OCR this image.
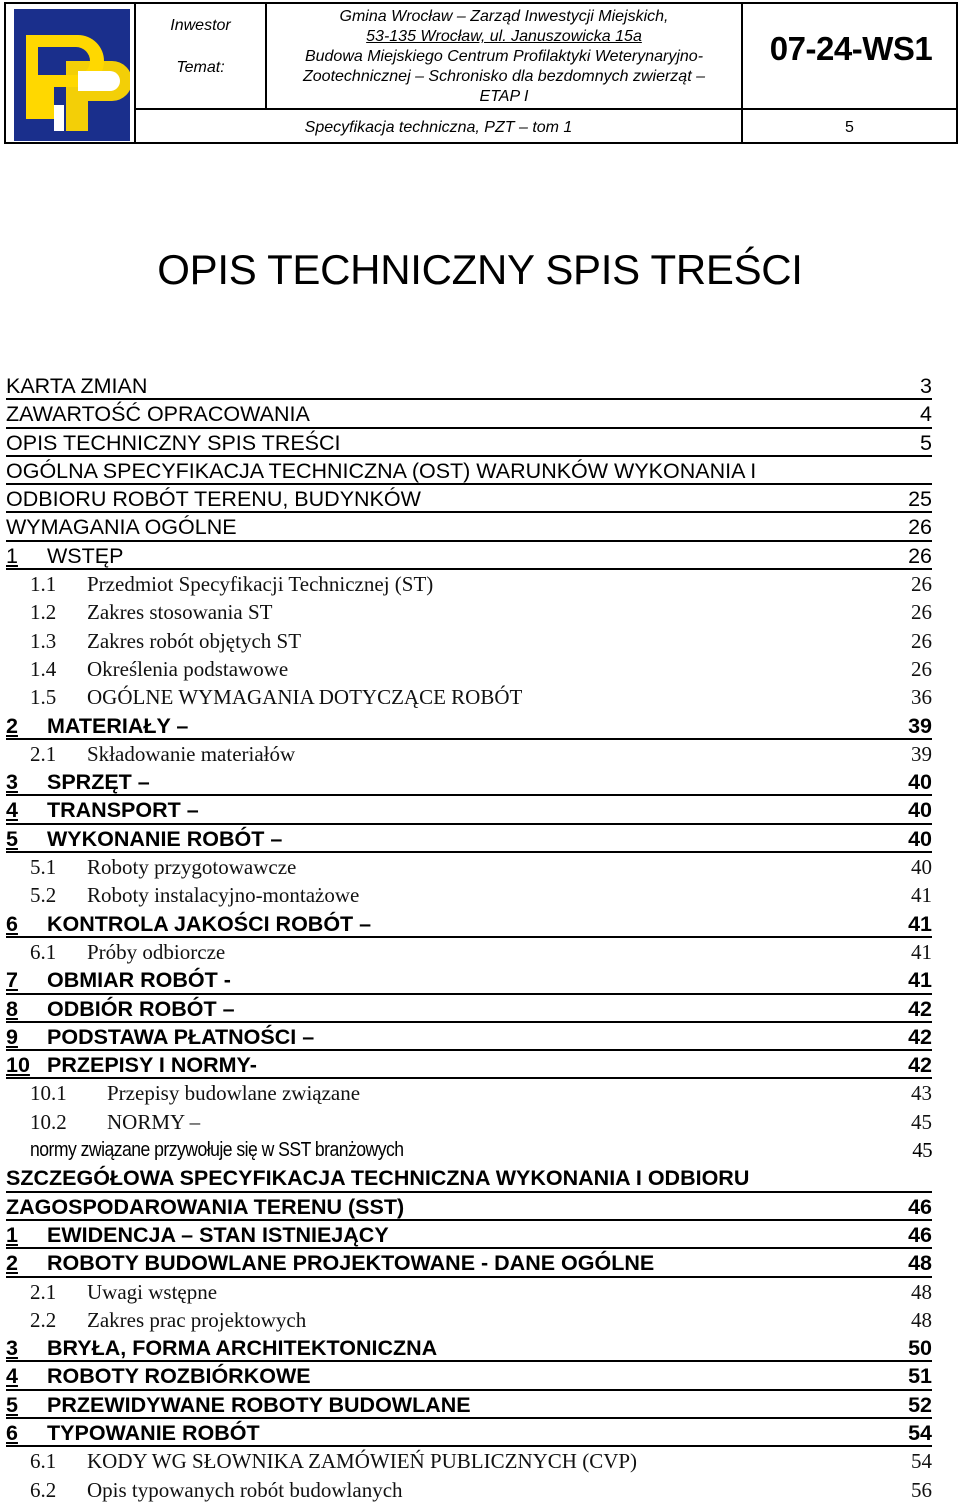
Inwestor
Temat:
Gmina Wrocław – Zarząd Inwestycji Miejskich,
53-135 Wrocław, ul. Januszowicka 15a
Budowa Miejskiego Centrum Profilaktyki Weterynaryjno-
Zootechnicznej – Schronisko dla bezdomnych zwierząt –
ETAP I
07-24-WS1
Specyfikacja techniczna, PZT – tom 1	5
OPIS TECHNICZNY SPIS TREŚCI
KARTA ZMIAN	3
ZAWARTOŚĆ OPRACOWANIA	4
OPIS TECHNICZNY SPIS TREŚCI	5
OGÓLNA SPECYFIKACJA TECHNICZNA (OST) WARUNKÓW WYKONANIA I
ODBIORU ROBÓT TERENU, BUDYNKÓW	25
WYMAGANIA OGÓLNE	26
1 WSTĘP	26
1.1 Przedmiot Specyfikacji Technicznej (ST)	26
1.2 Zakres stosowania ST	26
1.3 Zakres robót objętych ST	26
1.4 Określenia podstawowe	26
1.5 OGÓLNE WYMAGANIA DOTYCZĄCE ROBÓT	36
2 MATERIAŁY –	39
2.1 Składowanie materiałów	39
3 SPRZĘT –	40
4 TRANSPORT –	40
5 WYKONANIE ROBÓT –	40
5.1 Roboty przygotowawcze	40
5.2 Roboty instalacyjno-montażowe	41
6 KONTROLA JAKOŚCI ROBÓT –	41
6.1 Próby odbiorcze	41
7 OBMIAR ROBÓT -	41
8 ODBIÓR ROBÓT –	42
9 PODSTAWA PŁATNOŚCI –	42
10 PRZEPISY I NORMY-	42
10.1 Przepisy budowlane związane	43
10.2 NORMY –	45
normy związane przywołuje się w SST branżowych	45
SZCZEGÓŁOWA SPECYFIKACJA TECHNICZNA WYKONANIA I ODBIORU
ZAGOSPODAROWANIA TERENU (SST)	46
1 EWIDENCJA – STAN ISTNIEJĄCY	46
2 ROBOTY BUDOWLANE PROJEKTOWANE - DANE OGÓLNE	48
2.1 Uwagi wstępne	48
2.2 Zakres prac projektowych	48
3 BRYŁA, FORMA ARCHITEKTONICZNA	50
4 ROBOTY ROZBIÓRKOWE	51
5 PRZEWIDYWANE ROBOTY BUDOWLANE	52
6 TYPOWANIE ROBÓT	54
6.1 KODY WG SŁOWNIKA ZAMÓWIEŃ PUBLICZNYCH (CVP)	54
6.2 Opis typowanych robót budowlanych	56
